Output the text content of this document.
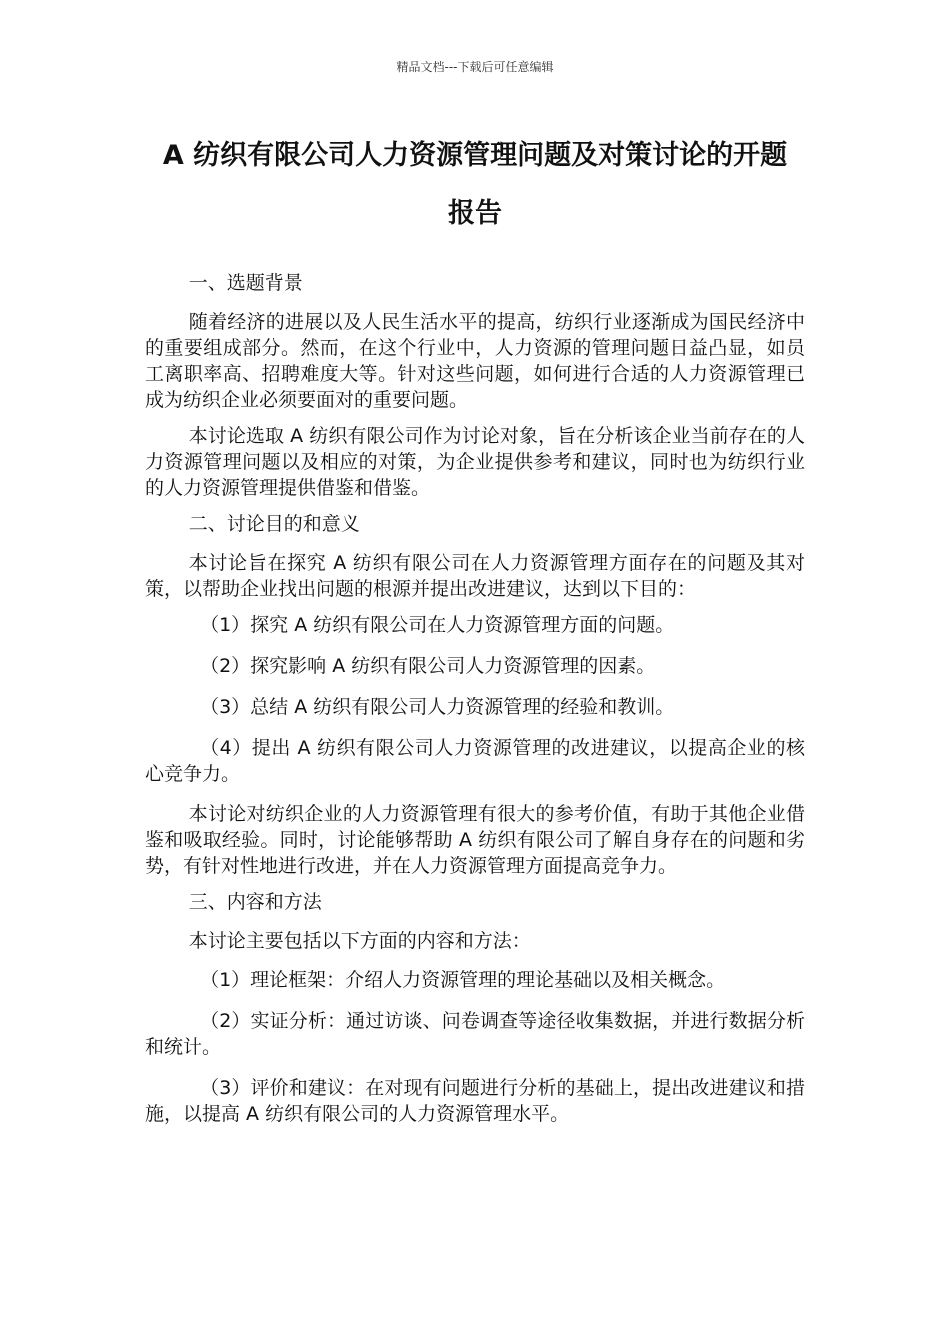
精品文档---下载后可任意编辑
A 纺织有限公司人力资源管理问题及对策讨论的开题
报告

一、选题背景

随着经济的进展以及人民生活水平的提高，纺织行业逐渐成为国民经济中的重要组成部分。然而，在这个行业中，人力资源的管理问题日益凸显，如员工离职率高、招聘难度大等。针对这些问题，如何进行合适的人力资源管理已成为纺织企业必须要面对的重要问题。

本讨论选取 A 纺织有限公司作为讨论对象，旨在分析该企业当前存在的人力资源管理问题以及相应的对策，为企业提供参考和建议，同时也为纺织行业的人力资源管理提供借鉴和借鉴。

二、讨论目的和意义

本讨论旨在探究 A 纺织有限公司在人力资源管理方面存在的问题及其对策，以帮助企业找出问题的根源并提出改进建议，达到以下目的：

（1）探究 A 纺织有限公司在人力资源管理方面的问题。

（2）探究影响 A 纺织有限公司人力资源管理的因素。

（3）总结 A 纺织有限公司人力资源管理的经验和教训。

（4）提出 A 纺织有限公司人力资源管理的改进建议，以提高企业的核心竞争力。

本讨论对纺织企业的人力资源管理有很大的参考价值，有助于其他企业借鉴和吸取经验。同时，讨论能够帮助 A 纺织有限公司了解自身存在的问题和劣势，有针对性地进行改进，并在人力资源管理方面提高竞争力。

三、内容和方法

本讨论主要包括以下方面的内容和方法：

（1）理论框架：介绍人力资源管理的理论基础以及相关概念。

（2）实证分析：通过访谈、问卷调查等途径收集数据，并进行数据分析和统计。

（3）评价和建议：在对现有问题进行分析的基础上，提出改进建议和措施，以提高 A 纺织有限公司的人力资源管理水平。
